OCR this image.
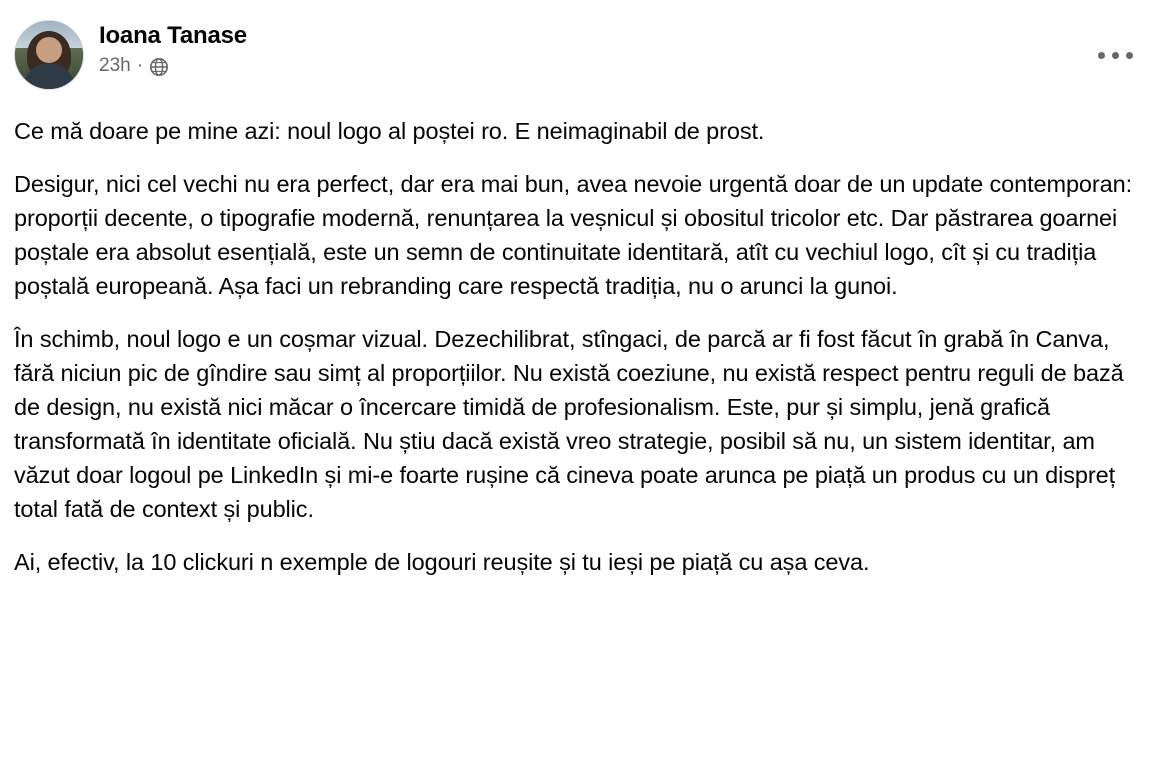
Ioana Tanase
23h ·

Ce mă doare pe mine azi: noul logo al poștei ro. E neimaginabil de prost.

Desigur, nici cel vechi nu era perfect, dar era mai bun, avea nevoie urgentă doar de un update contemporan: proporții decente, o tipografie modernă, renunțarea la veșnicul și obositul tricolor etc. Dar păstrarea goarnei poștale era absolut esențială, este un semn de continuitate identitară, atît cu vechiul logo, cît și cu tradiția poștală europeană. Așa faci un rebranding care respectă tradiția, nu o arunci la gunoi.

În schimb, noul logo e un coșmar vizual. Dezechilibrat, stîngaci, de parcă ar fi fost făcut în grabă în Canva, fără niciun pic de gîndire sau simț al proporțiilor. Nu există coeziune, nu există respect pentru reguli de bază de design, nu există nici măcar o încercare timidă de profesionalism. Este, pur și simplu, jenă grafică transformată în identitate oficială. Nu știu dacă există vreo strategie, posibil să nu, un sistem identitar, am văzut doar logoul pe LinkedIn și mi-e foarte rușine că cineva poate arunca pe piață un produs cu un dispreț total fată de context și public.

Ai, efectiv, la 10 clickuri n exemple de logouri reușite și tu ieși pe piață cu așa ceva.
